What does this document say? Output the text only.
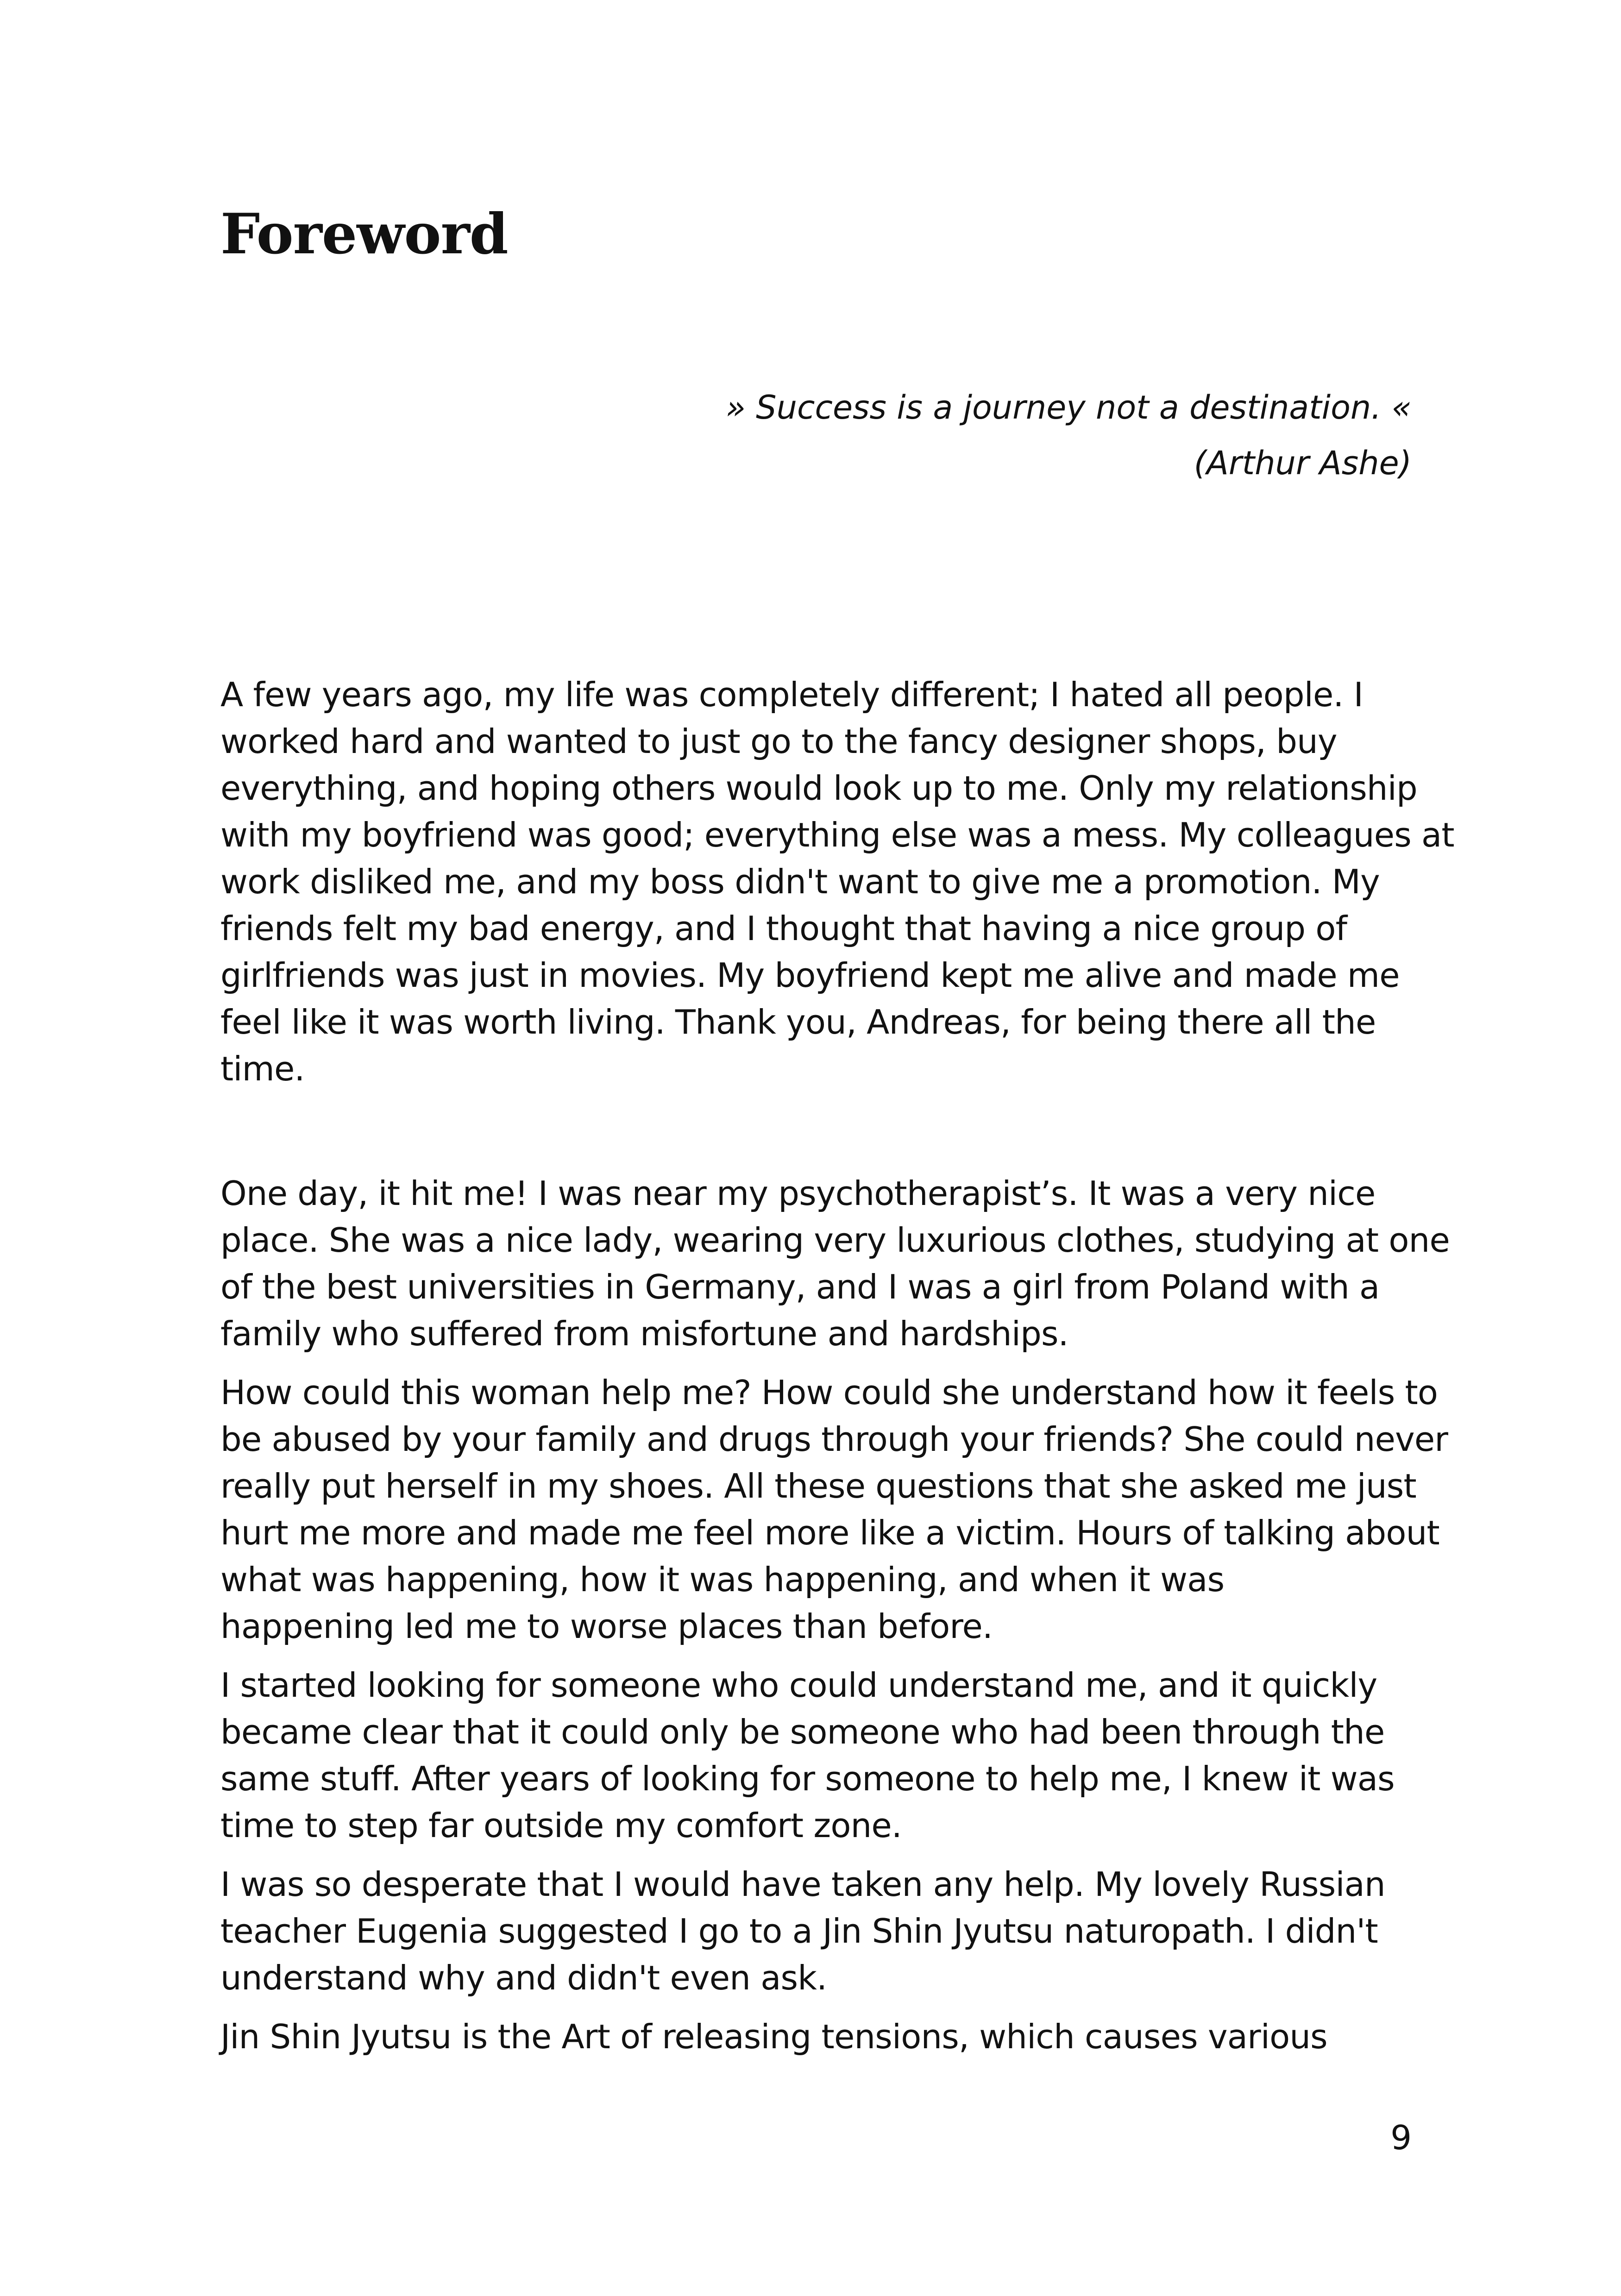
Foreword
» Success is a journey not a destination. «
(Arthur Ashe)

A few years ago, my life was completely different; I hated all people. I
worked hard and wanted to just go to the fancy designer shops, buy
everything, and hoping others would look up to me. Only my relationship
with my boyfriend was good; everything else was a mess. My colleagues at
work disliked me, and my boss didn't want to give me a promotion. My
friends felt my bad energy, and I thought that having a nice group of
girlfriends was just in movies. My boyfriend kept me alive and made me
feel like it was worth living. Thank you, Andreas, for being there all the
time.

One day, it hit me! I was near my psychotherapist’s. It was a very nice
place. She was a nice lady, wearing very luxurious clothes, studying at one
of the best universities in Germany, and I was a girl from Poland with a
family who suffered from misfortune and hardships.

How could this woman help me? How could she understand how it feels to
be abused by your family and drugs through your friends? She could never
really put herself in my shoes. All these questions that she asked me just
hurt me more and made me feel more like a victim. Hours of talking about
what was happening, how it was happening, and when it was
happening led me to worse places than before.

I started looking for someone who could understand me, and it quickly
became clear that it could only be someone who had been through the
same stuff. After years of looking for someone to help me, I knew it was
time to step far outside my comfort zone.

I was so desperate that I would have taken any help. My lovely Russian
teacher Eugenia suggested I go to a Jin Shin Jyutsu naturopath. I didn't
understand why and didn't even ask.

Jin Shin Jyutsu is the Art of releasing tensions, which causes various

9
